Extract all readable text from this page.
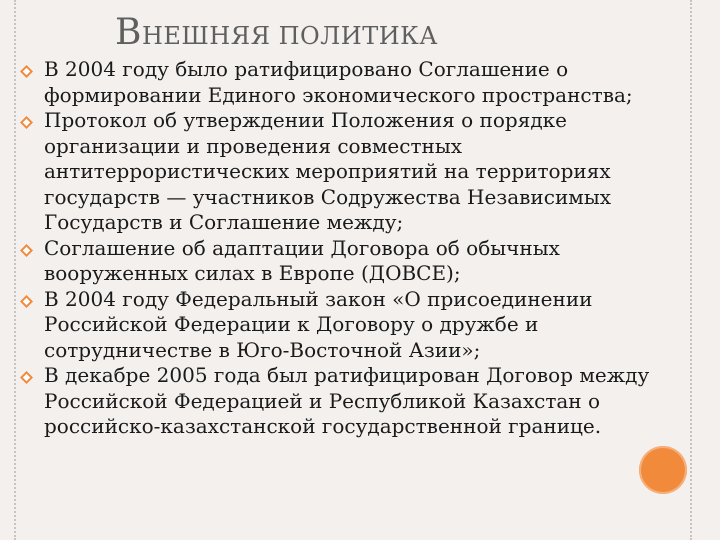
ВНЕШНЯЯ ПОЛИТИКА
В 2004 году было ратифицировано Соглашение о формировании Единого экономического пространства;
Протокол об утверждении Положения о порядке организации и проведения совместных антитеррористических мероприятий на территориях государств — участников Содружества Независимых Государств и Соглашение между;
Соглашение об адаптации Договора об обычных вооруженных силах в Европе (ДОВСЕ);
В 2004 году Федеральный закон «О присоединении Российской Федерации к Договору о дружбе и сотрудничестве в Юго-Восточной Азии»;
В декабре 2005 года был ратифицирован Договор между Российской Федерацией и Республикой Казахстан о российско-казахстанской государственной границе.
